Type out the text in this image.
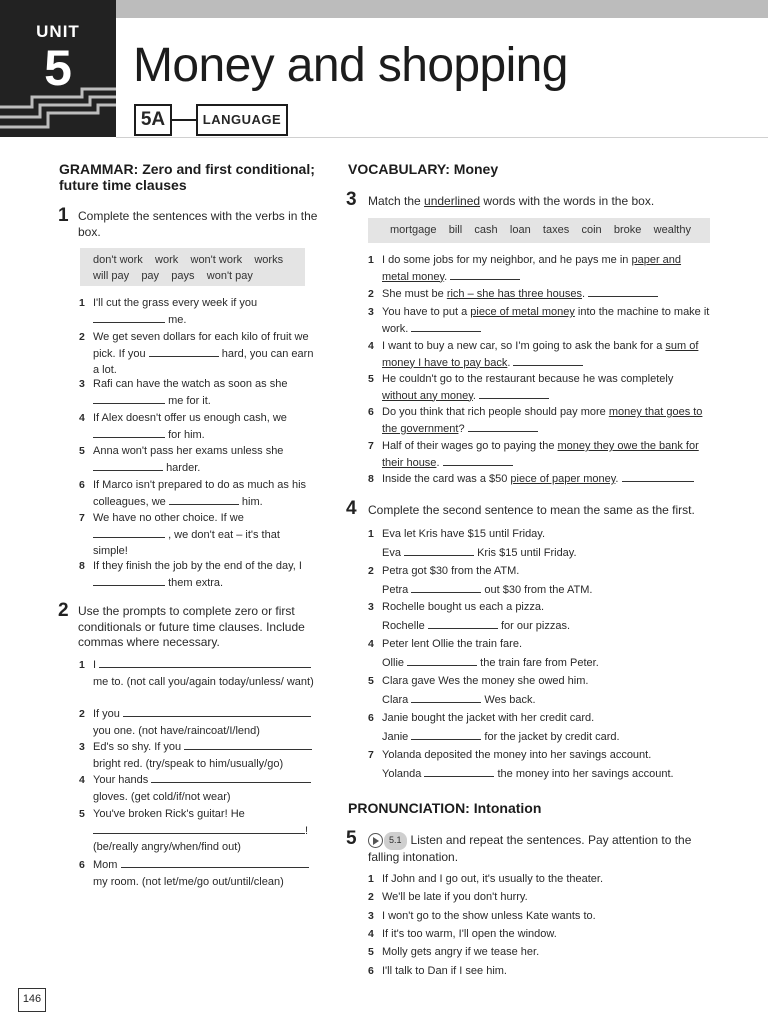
UNIT
5	Money and shopping
5A	LANGUAGE
GRAMMAR: Zero and first conditional; future time clauses
1 Complete the sentences with the verbs in the box.
don't work work won't work works
will pay pay pays won't pay
1 I'll cut the grass every week if you  me.
2 We get seven dollars for each kilo of fruit we pick. If you	hard, you can earn a lot.
3 Rafi can have the watch as soon as she  me for it.
4 If Alex doesn't offer us enough cash, we  for him.
5 Anna won't pass her exams unless she  harder.
6 If Marco isn't prepared to do as much as his colleagues, we	him.
7 We have no other choice. If we  , we don't eat – it's that simple!
8 If they finish the job by the end of the day, I  them extra.
2 Use the prompts to complete zero or first conditionals or future time clauses. Include commas where necessary.
1 I
me to. (not call you/again today/unless/ want)
2 If you
you one. (not have/raincoat/I/lend)
3 Ed's so shy. If you
bright red. (try/speak to him/usually/go)
4 Your hands
gloves. (get cold/if/not wear)
5 You've broken Rick's guitar! He
!
(be/really angry/when/find out)
6 Mom
my room. (not let/me/go out/until/clean)
VOCABULARY: Money
3 Match the underlined words with the words in the box.
mortgage bill cash loan taxes coin broke wealthy
1 I do some jobs for my neighbor, and he pays me in paper and metal money.
2 She must be rich – she has three houses.
3 You have to put a piece of metal money into the machine to make it work.
4 I want to buy a new car, so I'm going to ask the bank for a sum of money I have to pay back.
5 He couldn't go to the restaurant because he was completely without any money.
6 Do you think that rich people should pay more money that goes to the government?
7 Half of their wages go to paying the money they owe the bank for their house.
8 Inside the card was a $50 piece of paper money.
4 Complete the second sentence to mean the same as the first.
1 Eva let Kris have $15 until Friday.
Eva	Kris $15 until Friday.
2 Petra got $30 from the ATM.
Petra	out $30 from the ATM.
3 Rochelle bought us each a pizza.
Rochelle	for our pizzas.
4 Peter lent Ollie the train fare.
Ollie	the train fare from Peter.
5 Clara gave Wes the money she owed him.
Clara	Wes back.
6 Janie bought the jacket with her credit card.
Janie	for the jacket by credit card.
7 Yolanda deposited the money into her savings account.
Yolanda	the money into her savings account.
PRONUNCIATION: Intonation
5	5.1 Listen and repeat the sentences. Pay attention to the falling intonation.
1 If John and I go out, it's usually to the theater.
2 We'll be late if you don't hurry.
3 I won't go to the show unless Kate wants to.
4 If it's too warm, I'll open the window.
5 Molly gets angry if we tease her.
6 I'll talk to Dan if I see him.
146
